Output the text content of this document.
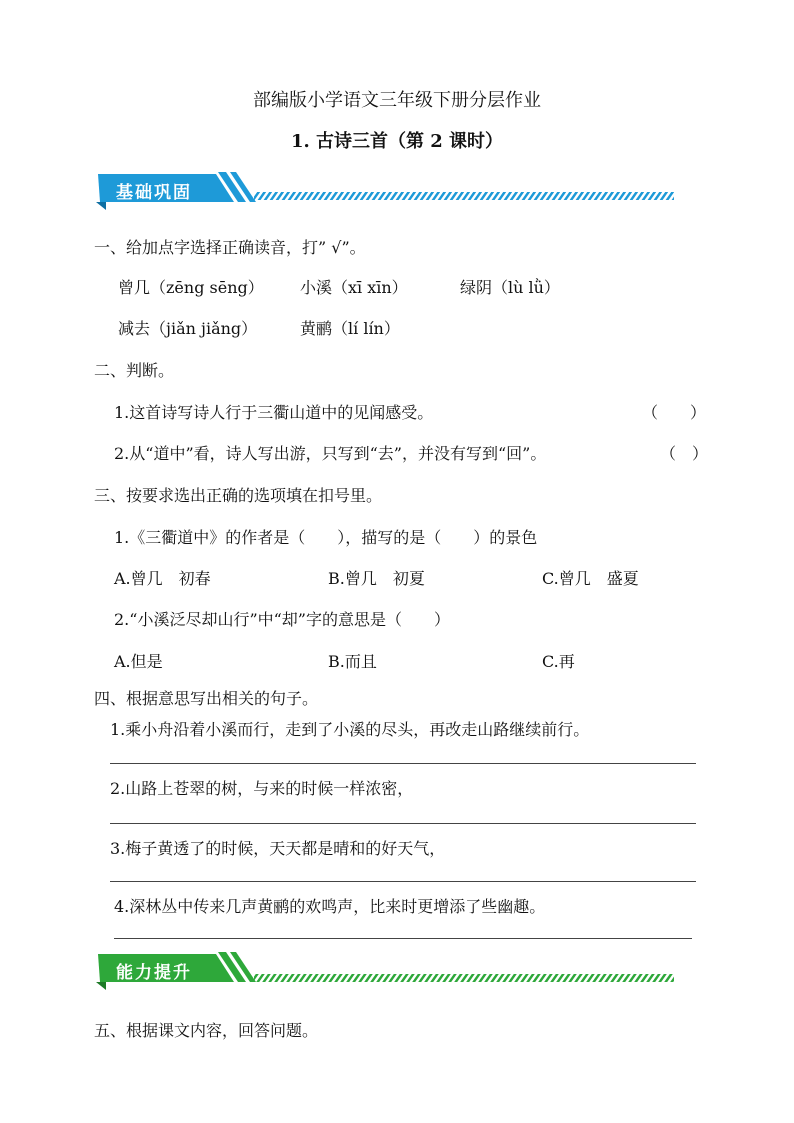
部编版小学语文三年级下册分层作业
1. 古诗三首（第 2 课时）
基础巩固
一、给加点字选择正确读音，打” √”。
曾几（zēng sēng） 小溪（xī xīn）	绿阴（lù lǜ）
减去（jiǎn jiǎng）	黄鹂（lí lín）
二、判断。
1.这首诗写诗人行于三衢山道中的见闻感受。	（　　）
2.从“道中”看，诗人写出游，只写到“去”，并没有写到“回”。	（　）
三、按要求选出正确的选项填在扣号里。
1.《三衢道中》的作者是（　　），描写的是（　　）的景色
A.曾几　初春	B.曾几　初夏	C.曾几　盛夏
2.“小溪泛尽却山行”中“却”字的意思是（　　）
A.但是	B.而且	C.再
四、根据意思写出相关的句子。
1.乘小舟沿着小溪而行，走到了小溪的尽头，再改走山路继续前行。
2.山路上苍翠的树，与来的时候一样浓密，
3.梅子黄透了的时候，天天都是晴和的好天气，
4.深林丛中传来几声黄鹂的欢鸣声，比来时更增添了些幽趣。
能力提升
五、根据课文内容，回答问题。
